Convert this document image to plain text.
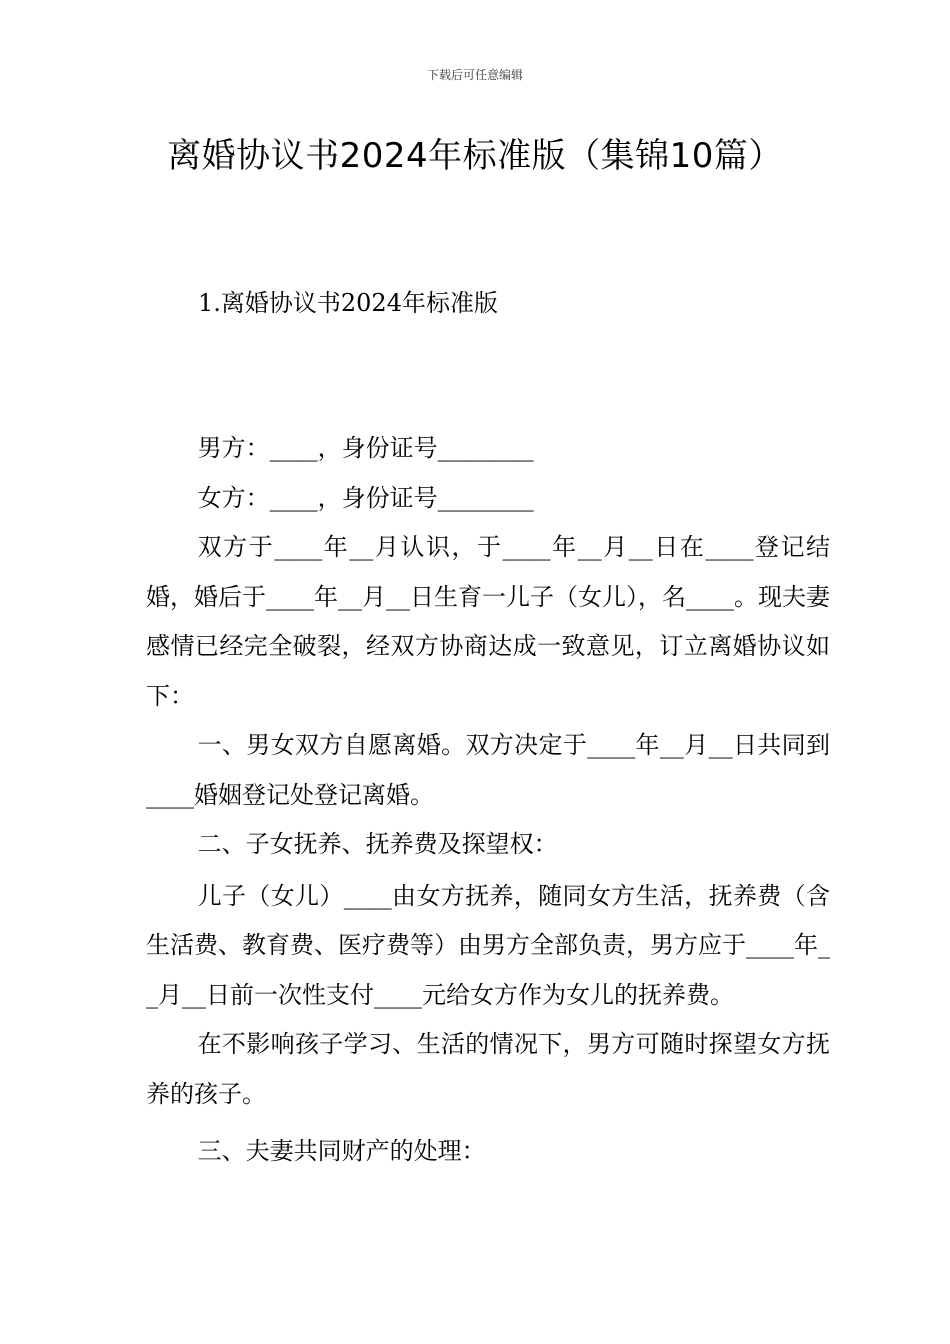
下载后可任意编辑
离婚协议书2024年标准版（集锦10篇）
1.离婚协议书2024年标准版

男方：____，身份证号________

女方：____，身份证号________

双方于____年__月认识，于____年__月__日在____登记结婚，婚后于____年__月__日生育一儿子（女儿），名____。现夫妻感情已经完全破裂，经双方协商达成一致意见，订立离婚协议如下：

一、男女双方自愿离婚。双方决定于____年__月__日共同到____婚姻登记处登记离婚。

二、子女抚养、抚养费及探望权：

儿子（女儿）____由女方抚养，随同女方生活，抚养费（含生活费、教育费、医疗费等）由男方全部负责，男方应于____年__月__日前一次性支付____元给女方作为女儿的抚养费。

在不影响孩子学习、生活的情况下，男方可随时探望女方抚养的孩子。

三、夫妻共同财产的处理：
